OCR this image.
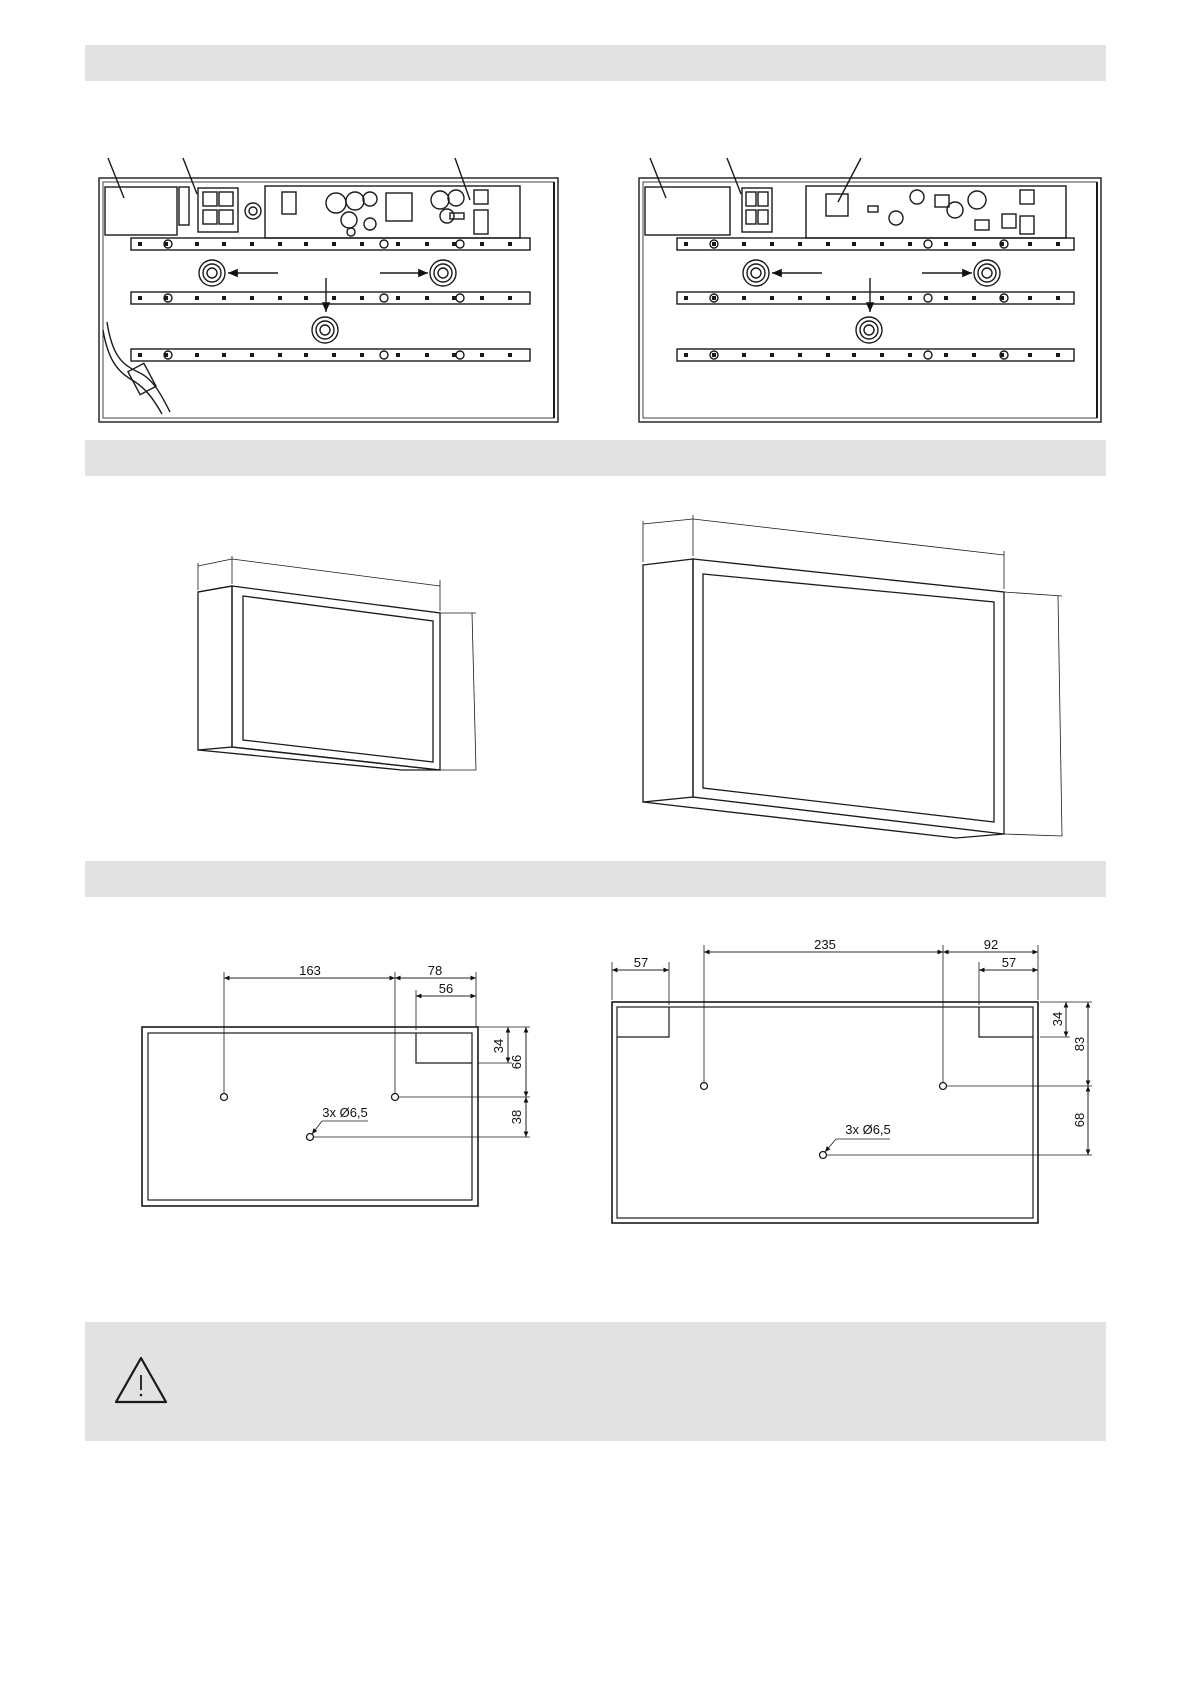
163	78
56
34
66
38
3x Ø6,5
57
235	92
57
34
83
68
3x Ø6,5
